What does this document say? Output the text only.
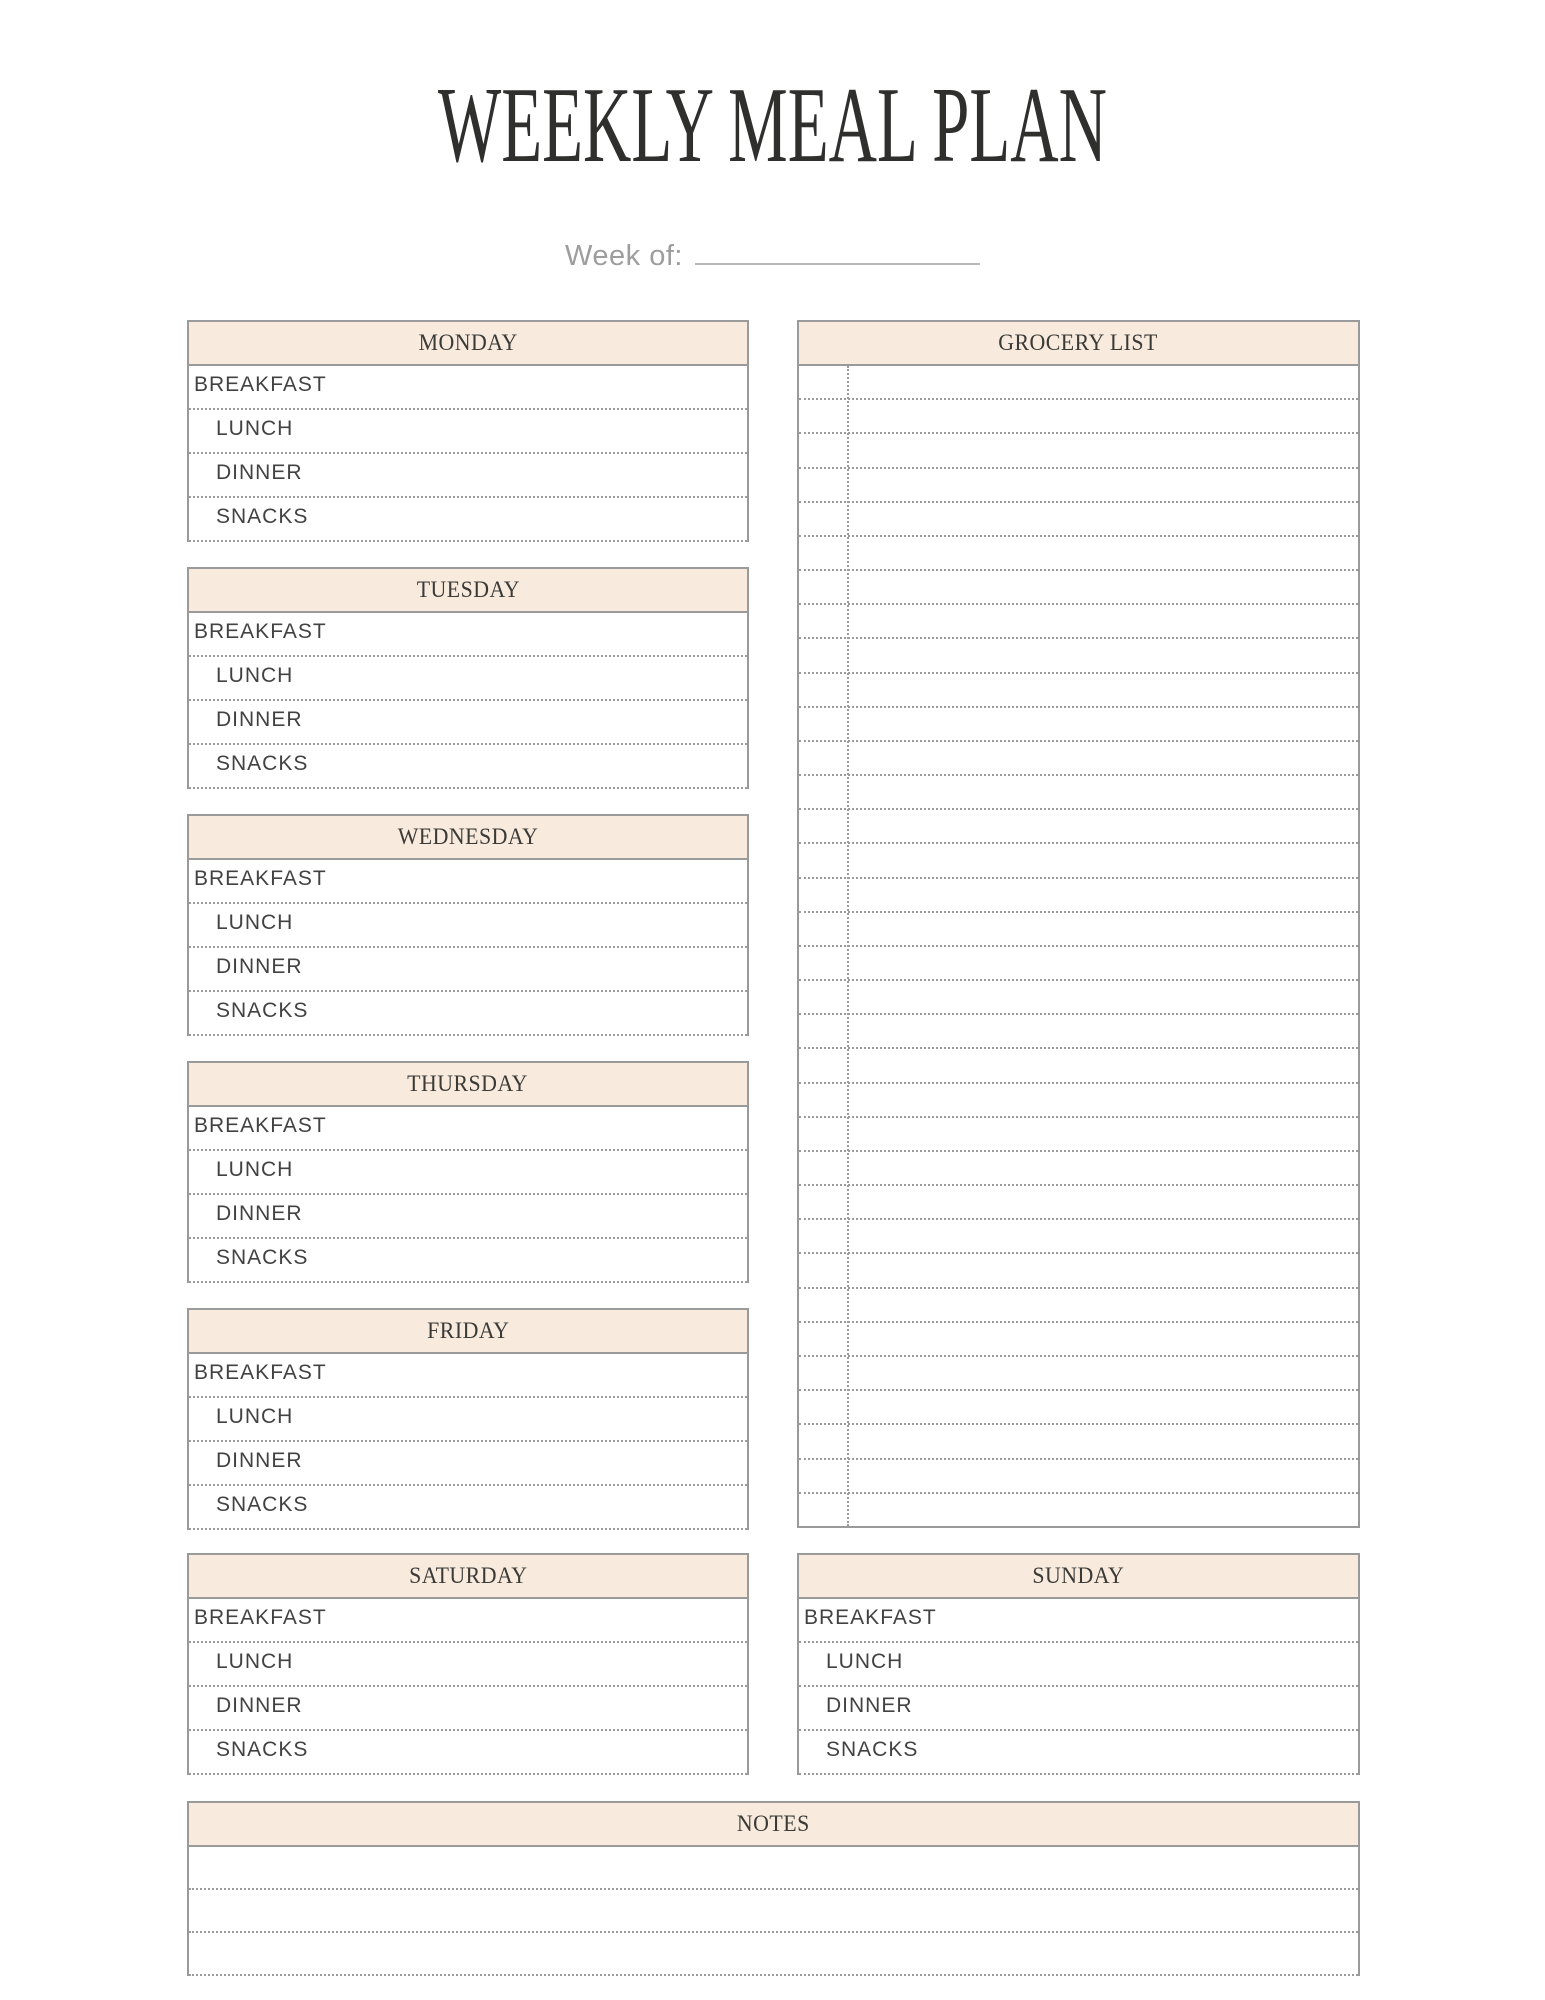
WEEKLY MEAL PLAN
Week of:
MONDAY
BREAKFAST
LUNCH
DINNER
SNACKS
TUESDAY
BREAKFAST
LUNCH
DINNER
SNACKS
WEDNESDAY
BREAKFAST
LUNCH
DINNER
SNACKS
THURSDAY
BREAKFAST
LUNCH
DINNER
SNACKS
FRIDAY
BREAKFAST
LUNCH
DINNER
SNACKS
GROCERY LIST
SATURDAY
BREAKFAST
LUNCH
DINNER
SNACKS
SUNDAY
BREAKFAST
LUNCH
DINNER
SNACKS
NOTES
